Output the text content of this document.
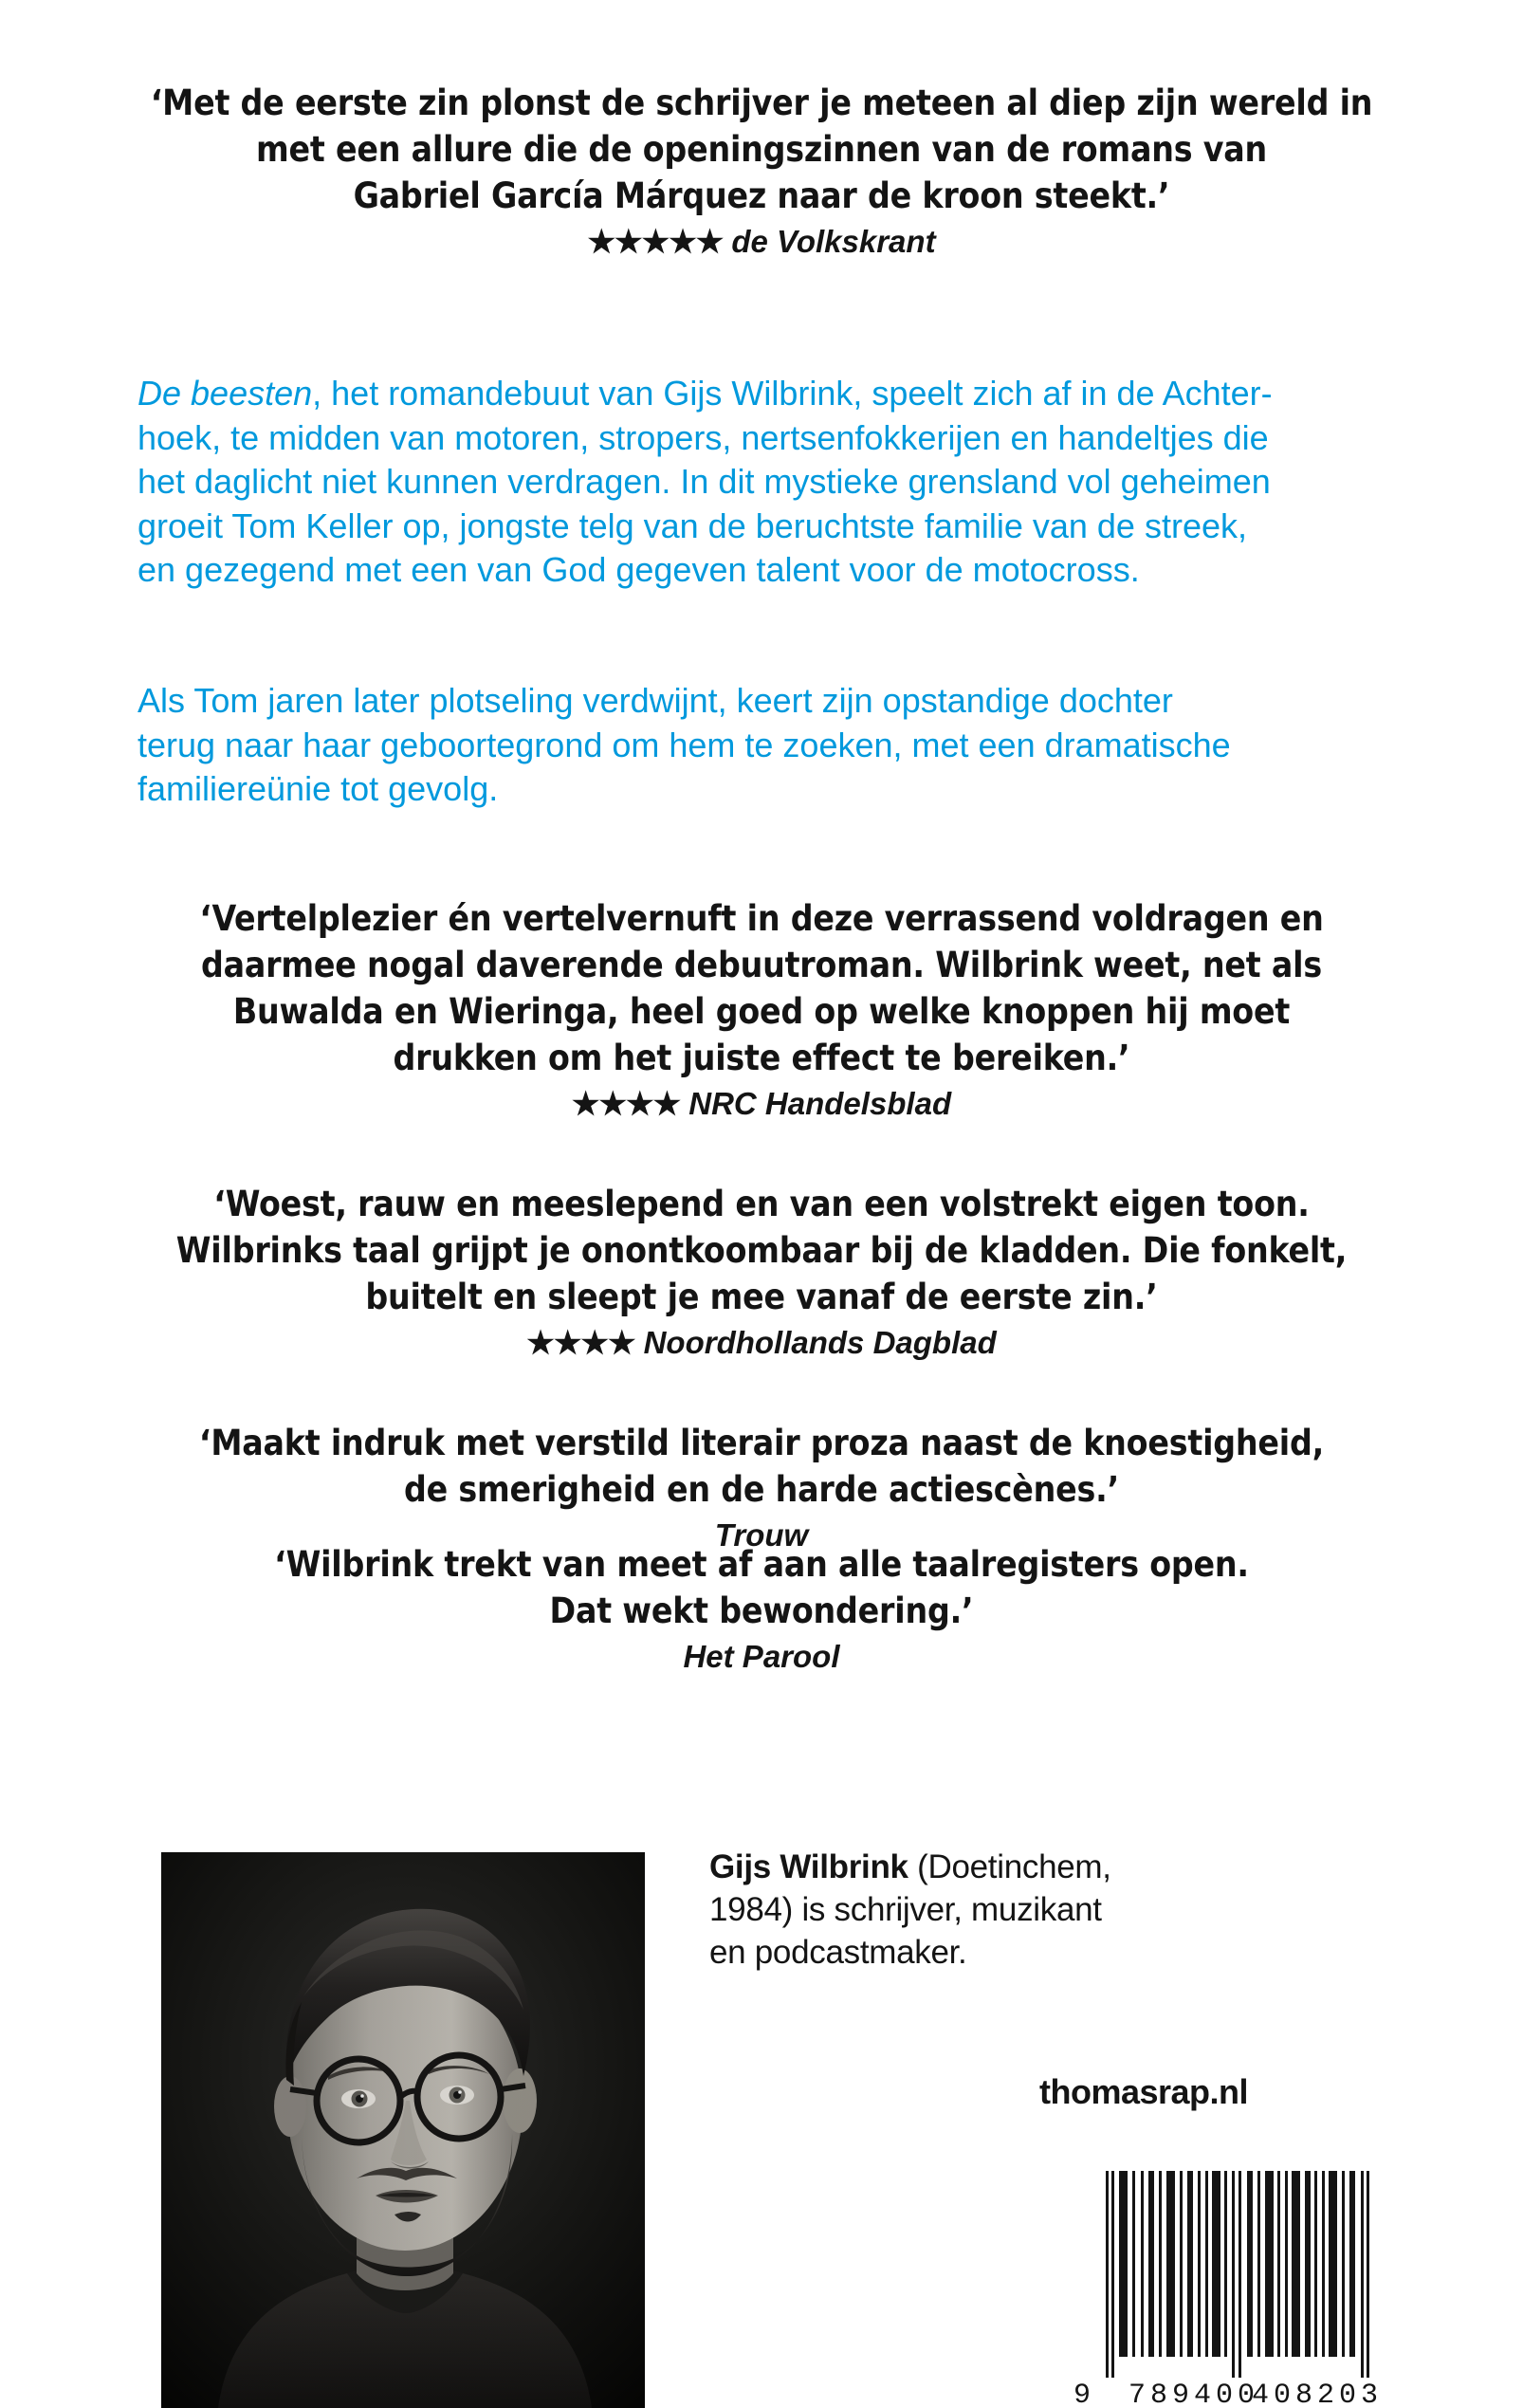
‘Met de eerste zin plonst de schrijver je meteen al diep zijn wereld in
met een allure die de openingszinnen van de romans van
Gabriel García Márquez naar de kroon steekt.’
★★★★★ de Volkskrant
De beesten, het romandebuut van Gijs Wilbrink, speelt zich af in de Achter-
hoek, te midden van motoren, stropers, nertsenfokkerijen en handeltjes die
het daglicht niet kunnen verdragen. In dit mystieke grensland vol geheimen
groeit Tom Keller op, jongste telg van de beruchtste familie van de streek,
en gezegend met een van God gegeven talent voor de motocross.
Als Tom jaren later plotseling verdwijnt, keert zijn opstandige dochter
terug naar haar geboortegrond om hem te zoeken, met een dramatische
familiereünie tot gevolg.
‘Vertelplezier én vertelvernuft in deze verrassend voldragen en
daarmee nogal daverende debuutroman. Wilbrink weet, net als
Buwalda en Wieringa, heel goed op welke knoppen hij moet
drukken om het juiste effect te bereiken.’
★★★★ NRC Handelsblad
‘Woest, rauw en meeslepend en van een volstrekt eigen toon.
Wilbrinks taal grijpt je onontkoombaar bij de kladden. Die fonkelt,
buitelt en sleept je mee vanaf de eerste zin.’
★★★★ Noordhollands Dagblad
‘Maakt indruk met verstild literair proza naast de knoestigheid,
de smerigheid en de harde actiescènes.’
Trouw
‘Wilbrink trekt van meet af aan alle taalregisters open.
Dat wekt bewondering.’
Het Parool
Gijs Wilbrink (Doetinchem,
1984) is schrijver, muzikant
en podcastmaker.
thomasrap.nl
9 789400
408203
